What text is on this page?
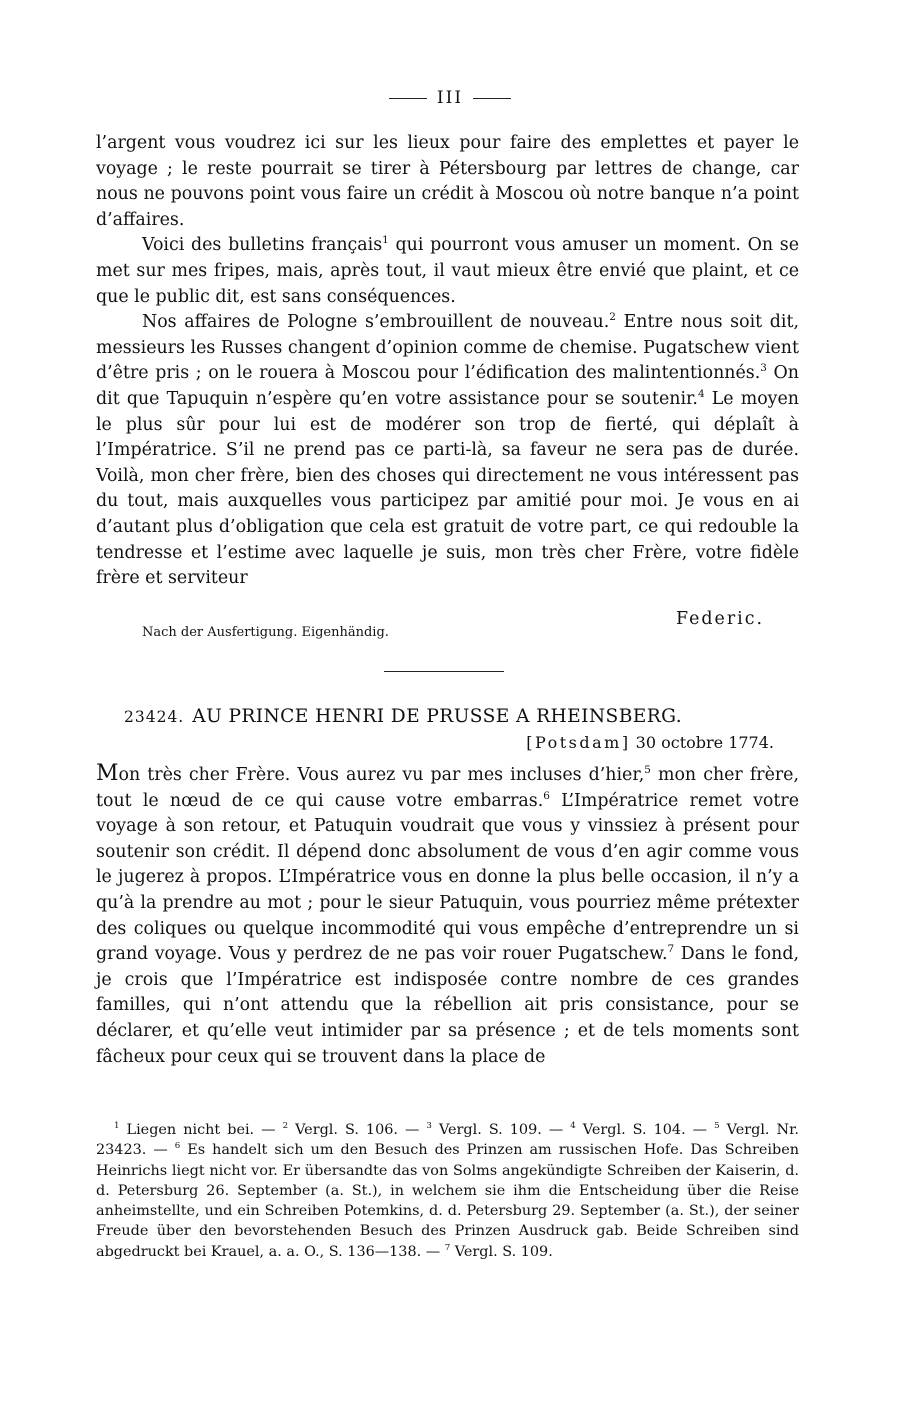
III

l’argent vous voudrez ici sur les lieux pour faire des emplettes et payer le voyage ; le reste pourrait se tirer à Pétersbourg par lettres de change, car nous ne pouvons point vous faire un crédit à Moscou où notre banque n’a point d’affaires.

Voici des bulletins français$^1$ qui pourront vous amuser un moment. On se met sur mes fripes, mais, après tout, il vaut mieux être envié que plaint, et ce que le public dit, est sans conséquences.

Nos affaires de Pologne s’embrouillent de nouveau.$^2$ Entre nous soit dit, messieurs les Russes changent d’opinion comme de chemise. Pugatschew vient d’être pris ; on le rouera à Moscou pour l’édification des malintentionnés.$^3$ On dit que Tapuquin n’espère qu’en votre assistance pour se soutenir.$^4$ Le moyen le plus sûr pour lui est de modérer son trop de fierté, qui déplaît à l’Impératrice. S’il ne prend pas ce parti-là, sa faveur ne sera pas de durée. Voilà, mon cher frère, bien des choses qui directement ne vous intéressent pas du tout, mais auxquelles vous participez par amitié pour moi. Je vous en ai d’autant plus d’obligation que cela est gratuit de votre part, ce qui redouble la tendresse et l’estime avec laquelle je suis, mon très cher Frère, votre fidèle frère et serviteur

Federic.
Nach der Ausfertigung. Eigenhändig.
23424. AU PRINCE HENRI DE PRUSSE A RHEINSBERG.
[Potsdam] 30 octobre 1774.

Mon très cher Frère. Vous aurez vu par mes incluses d’hier,$^5$ mon cher frère, tout le nœud de ce qui cause votre embarras.$^6$ L’Impératrice remet votre voyage à son retour, et Patuquin voudrait que vous y vinssiez à présent pour soutenir son crédit. Il dépend donc absolument de vous d’en agir comme vous le jugerez à propos. L’Impératrice vous en donne la plus belle occasion, il n’y a qu’à la prendre au mot ; pour le sieur Patuquin, vous pourriez même prétexter des coliques ou quelque incommodité qui vous empêche d’entreprendre un si grand voyage. Vous y perdrez de ne pas voir rouer Pugatschew.$^7$ Dans le fond, je crois que l’Impératrice est indisposée contre nombre de ces grandes familles, qui n’ont attendu que la rébellion ait pris consistance, pour se déclarer, et qu’elle veut intimider par sa présence ; et de tels moments sont fâcheux pour ceux qui se trouvent dans la place de

$^1$ Liegen nicht bei. — $^2$ Vergl. S. 106. — $^3$ Vergl. S. 109. — $^4$ Vergl. S. 104. — $^5$ Vergl. Nr. 23423. — $^6$ Es handelt sich um den Besuch des Prinzen am russischen Hofe. Das Schreiben Heinrichs liegt nicht vor. Er übersandte das von Solms angekündigte Schreiben der Kaiserin, d. d. Petersburg 26. September (a. St.), in welchem sie ihm die Entscheidung über die Reise anheimstellte, und ein Schreiben Potemkins, d. d. Petersburg 29. September (a. St.), der seiner Freude über den bevorstehenden Besuch des Prinzen Ausdruck gab. Beide Schreiben sind abgedruckt bei Krauel, a. a. O., S. 136—138. — $^7$ Vergl. S. 109.
